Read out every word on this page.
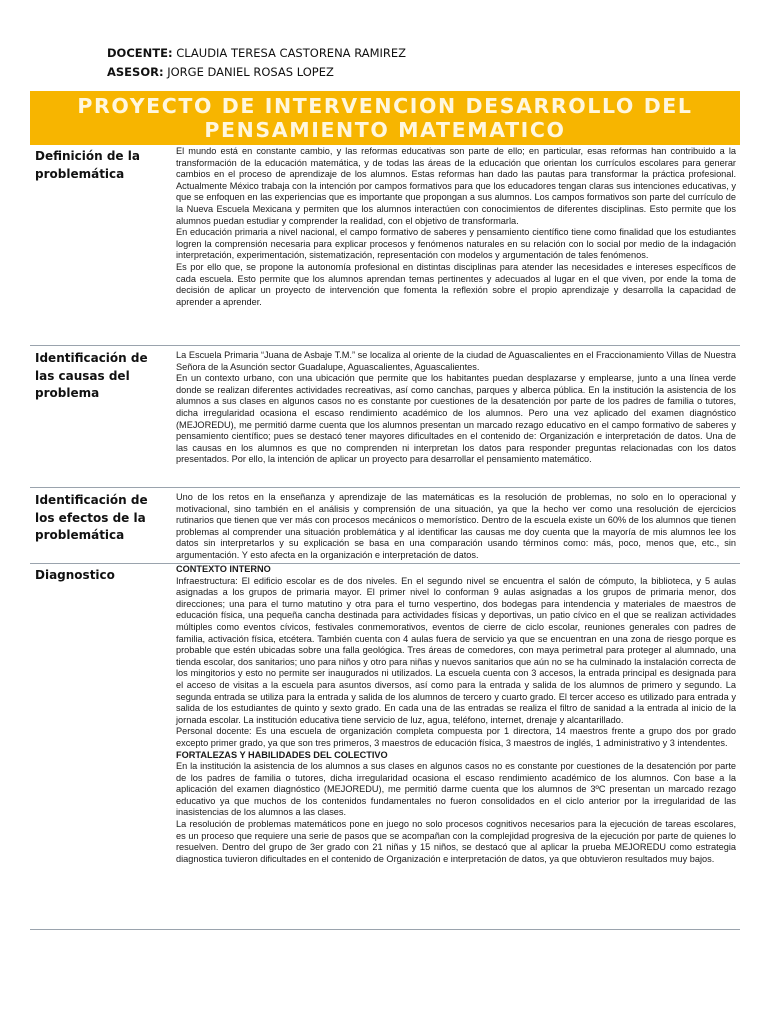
DOCENTE: CLAUDIA TERESA CASTORENA RAMIREZ
ASESOR: JORGE DANIEL ROSAS LOPEZ
PROYECTO DE INTERVENCION DESARROLLO DEL
PENSAMIENTO MATEMATICO
Definición de la problemática

El mundo está en constante cambio, y las reformas educativas son parte de ello; en particular, esas reformas han contribuido a la transformación de la educación matemática, y de todas las áreas de la educación que orientan los currículos escolares para generar cambios en el proceso de aprendizaje de los alumnos. Estas reformas han dado las pautas para transformar la práctica profesional. Actualmente México trabaja con la intención por campos formativos para que los educadores tengan claras sus intenciones educativas, y que se enfoquen en las experiencias que es importante que propongan a sus alumnos. Los campos formativos son parte del currículo de la Nueva Escuela Mexicana y permiten que los alumnos interactúen con conocimientos de diferentes disciplinas. Esto permite que los alumnos puedan estudiar y comprender la realidad, con el objetivo de transformarla.

En educación primaria a nivel nacional, el campo formativo de saberes y pensamiento científico tiene como finalidad que los estudiantes logren la comprensión necesaria para explicar procesos y fenómenos naturales en su relación con lo social por medio de la indagación interpretación, experimentación, sistematización, representación con modelos y argumentación de tales fenómenos.

Es por ello que, se propone la autonomía profesional en distintas disciplinas para atender las necesidades e intereses específicos de cada escuela. Esto permite que los alumnos aprendan temas pertinentes y adecuados al lugar en el que viven, por ende la toma de decisión de aplicar un proyecto de intervención que fomenta la reflexión sobre el propio aprendizaje y desarrolla la capacidad de aprender a aprender.

Identificación de las causas del problema

La Escuela Primaria “Juana de Asbaje T.M.” se localiza al oriente de la ciudad de Aguascalientes en el Fraccionamiento Villas de Nuestra Señora de la Asunción sector Guadalupe, Aguascalientes, Aguascalientes.

En un contexto urbano, con una ubicación que permite que los habitantes puedan desplazarse y emplearse, junto a una línea verde donde se realizan diferentes actividades recreativas, así como canchas, parques y alberca pública. En la institución la asistencia de los alumnos a sus clases en algunos casos no es constante por cuestiones de la desatención por parte de los padres de familia o tutores, dicha irregularidad ocasiona el escaso rendimiento académico de los alumnos. Pero una vez aplicado del examen diagnóstico (MEJOREDU), me permitió darme cuenta que los alumnos presentan un marcado rezago educativo en el campo formativo de saberes y pensamiento científico; pues se destacó tener mayores dificultades en el contenido de: Organización e interpretación de datos. Una de las causas en los alumnos es que no comprenden ni interpretan los datos para responder preguntas relacionadas con los datos presentados. Por ello, la intención de aplicar un proyecto para desarrollar el pensamiento matemático.

Identificación de los efectos de la problemática

Uno de los retos en la enseñanza y aprendizaje de las matemáticas es la resolución de problemas, no solo en lo operacional y motivacional, sino también en el análisis y comprensión de una situación, ya que la hecho ver como una resolución de ejercicios rutinarios que tienen que ver más con procesos mecánicos o memorístico. Dentro de la escuela existe un 60% de los alumnos que tienen problemas al comprender una situación problemática y al identificar las causas me doy cuenta que la mayoría de mis alumnos lee los datos sin interpretarlos y su explicación se basa en una comparación usando términos como: más, poco, menos que, etc., sin argumentación. Y esto afecta en la organización e interpretación de datos.

Diagnostico	CONTEXTO INTERNO

Infraestructura: El edificio escolar es de dos niveles. En el segundo nivel se encuentra el salón de cómputo, la biblioteca, y 5 aulas asignadas a los grupos de primaria mayor. El primer nivel lo conforman 9 aulas asignadas a los grupos de primaria menor, dos direcciones; una para el turno matutino y otra para el turno vespertino, dos bodegas para intendencia y materiales de maestros de educación física, una pequeña cancha destinada para actividades físicas y deportivas, un patio cívico en el que se realizan actividades múltiples como eventos cívicos, festivales conmemorativos, eventos de cierre de ciclo escolar, reuniones generales con padres de familia, activación física, etcétera. También cuenta con 4 aulas fuera de servicio ya que se encuentran en una zona de riesgo porque es probable que estén ubicadas sobre una falla geológica. Tres áreas de comedores, con maya perimetral para proteger al alumnado, una tienda escolar, dos sanitarios; uno para niños y otro para niñas y nuevos sanitarios que aún no se ha culminado la instalación correcta de los mingitorios y esto no permite ser inaugurados ni utilizados. La escuela cuenta con 3 accesos, la entrada principal es designada para el acceso de visitas a la escuela para asuntos diversos, así como para la entrada y salida de los alumnos de primero y segundo. La segunda entrada se utiliza para la entrada y salida de los alumnos de tercero y cuarto grado. El tercer acceso es utilizado para entrada y salida de los estudiantes de quinto y sexto grado. En cada una de las entradas se realiza el filtro de sanidad a la entrada al inicio de la jornada escolar. La institución educativa tiene servicio de luz, agua, teléfono, internet, drenaje y alcantarillado.

Personal docente: Es una escuela de organización completa compuesta por 1 directora, 14 maestros frente a grupo dos por grado excepto primer grado, ya que son tres primeros, 3 maestros de educación física, 3 maestros de inglés, 1 administrativo y 3 intendentes.

FORTALEZAS Y HABILIDADES DEL COLECTIVO

En la institución la asistencia de los alumnos a sus clases en algunos casos no es constante por cuestiones de la desatención por parte de los padres de familia o tutores, dicha irregularidad ocasiona el escaso rendimiento académico de los alumnos. Con base a la aplicación del examen diagnóstico (MEJOREDU), me permitió darme cuenta que los alumnos de 3ºC presentan un marcado rezago educativo ya que muchos de los contenidos fundamentales no fueron consolidados en el ciclo anterior por la irregularidad de las inasistencias de los alumnos a las clases.

La resolución de problemas matemáticos pone en juego no solo procesos cognitivos necesarios para la ejecución de tareas escolares, es un proceso que requiere una serie de pasos que se acompañan con la complejidad progresiva de la ejecución por parte de quienes lo resuelven. Dentro del grupo de 3er grado con 21 niñas y 15 niños, se destacó que al aplicar la prueba MEJOREDU como estrategia diagnostica tuvieron dificultades en el contenido de Organización e interpretación de datos, ya que obtuvieron resultados muy bajos.
